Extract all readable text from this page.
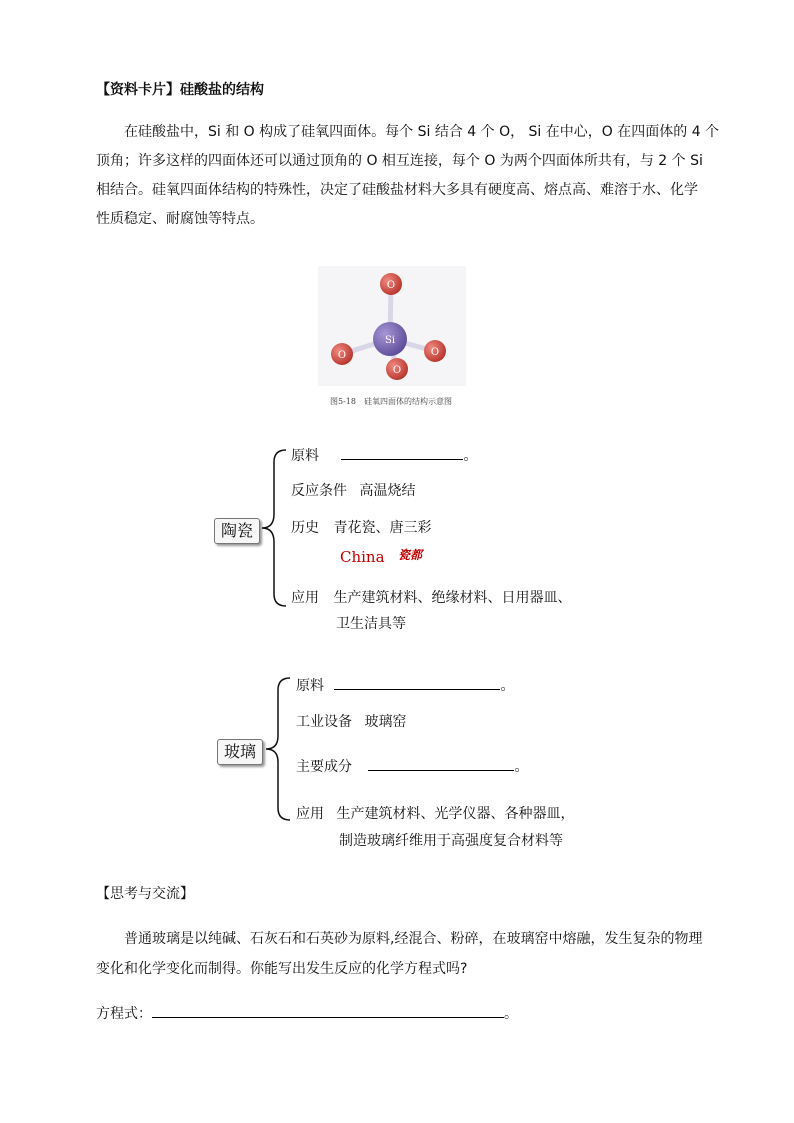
【资料卡片】硅酸盐的结构
在硅酸盐中，Si 和 O 构成了硅氧四面体。每个 Si 结合 4 个 O， Si 在中心，O 在四面体的 4 个
顶角；许多这样的四面体还可以通过顶角的 O 相互连接，每个 O 为两个四面体所共有，与 2 个 Si
相结合。硅氧四面体结构的特殊性，决定了硅酸盐材料大多具有硬度高、熔点高、难溶于水、化学
性质稳定、耐腐蚀等特点。
O
O	O
O
Si
图5-18　硅氧四面体的结构示意图
陶瓷
原料	。
反应条件 高温烧结
历史 青花瓷、唐三彩
China 瓷都
应用 生产建筑材料、绝缘材料、日用器皿、
卫生洁具等
玻璃
原料	。
工业设备 玻璃窑
主要成分	。
应用 生产建筑材料、光学仪器、各种器皿，
制造玻璃纤维用于高强度复合材料等
【思考与交流】
普通玻璃是以纯碱、石灰石和石英砂为原料,经混合、粉碎，在玻璃窑中熔融，发生复杂的物理
变化和化学变化而制得。你能写出发生反应的化学方程式吗?
方程式：	。
